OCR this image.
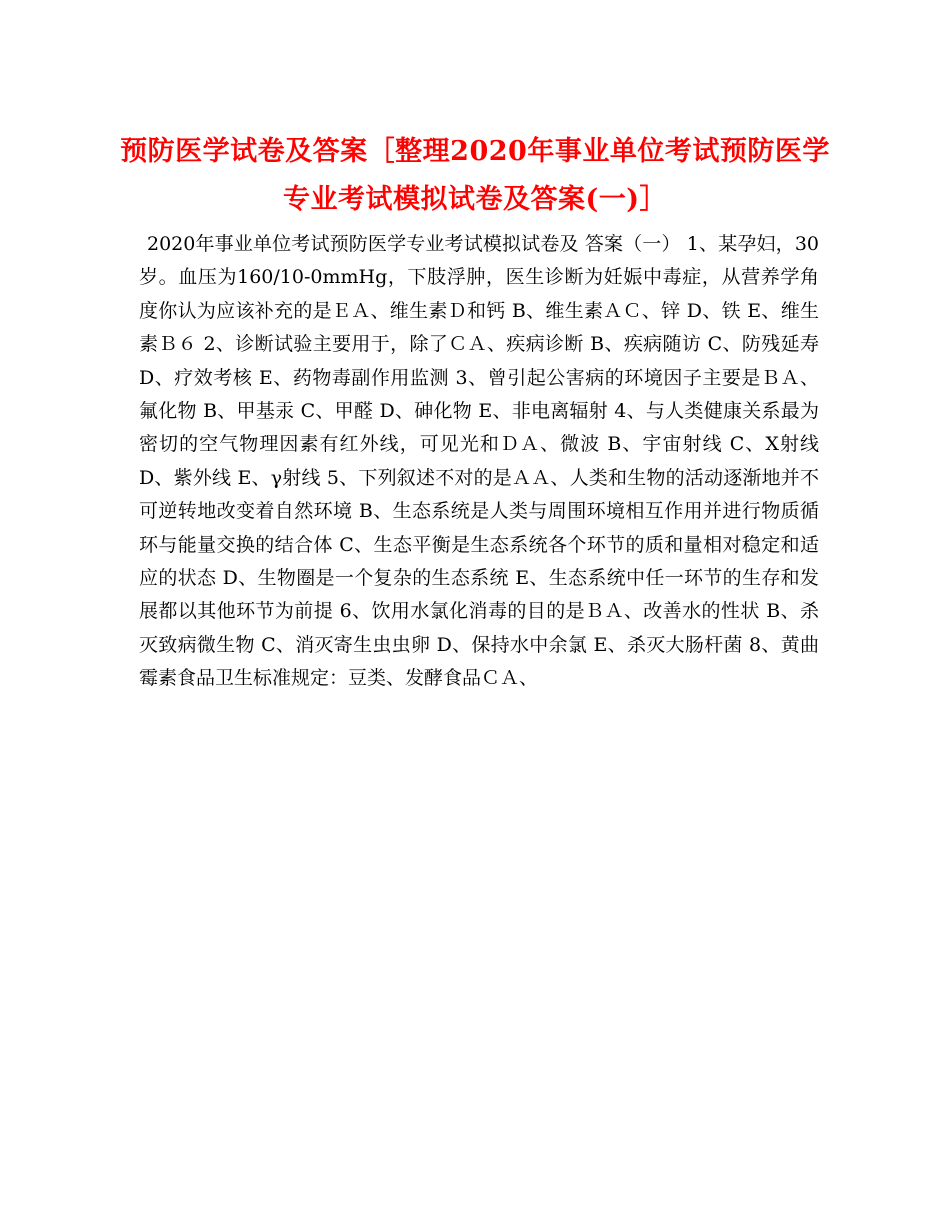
预防医学试卷及答案［整理2020年事业单位考试预防医学专业考试模拟试卷及答案(一)］

2020年事业单位考试预防医学专业考试模拟试卷及 答案（一） 1、某孕妇，30岁。血压为160/10-0mmHg，下肢浮肿，医生诊断为妊娠中毒症，从营养学角度你认为应该补充的是ＥＡ、维生素Ｄ和钙 B、维生素ＡＣ、锌 D、铁 E、维生素Ｂ６ 2、诊断试验主要用于，除了ＣＡ、疾病诊断 B、疾病随访 C、防残延寿 D、疗效考核 E、药物毒副作用监测 3、曾引起公害病的环境因子主要是ＢＡ、氟化物 B、甲基汞 C、甲醛 D、砷化物 E、非电离辐射 4、与人类健康关系最为密切的空气物理因素有红外线，可见光和ＤＡ、微波 B、宇宙射线 C、X射线 D、紫外线 E、γ射线 5、下列叙述不对的是ＡＡ、人类和生物的活动逐渐地并不可逆转地改变着自然环境 B、生态系统是人类与周围环境相互作用并进行物质循环与能量交换的结合体 C、生态平衡是生态系统各个环节的质和量相对稳定和适应的状态 D、生物圈是一个复杂的生态系统 E、生态系统中任一环节的生存和发展都以其他环节为前提 6、饮用水氯化消毒的目的是ＢＡ、改善水的性状 B、杀灭致病微生物 C、消灭寄生虫虫卵 D、保持水中余氯 E、杀灭大肠杆菌 8、黄曲霉素食品卫生标准规定：豆类、发酵食品ＣＡ、
